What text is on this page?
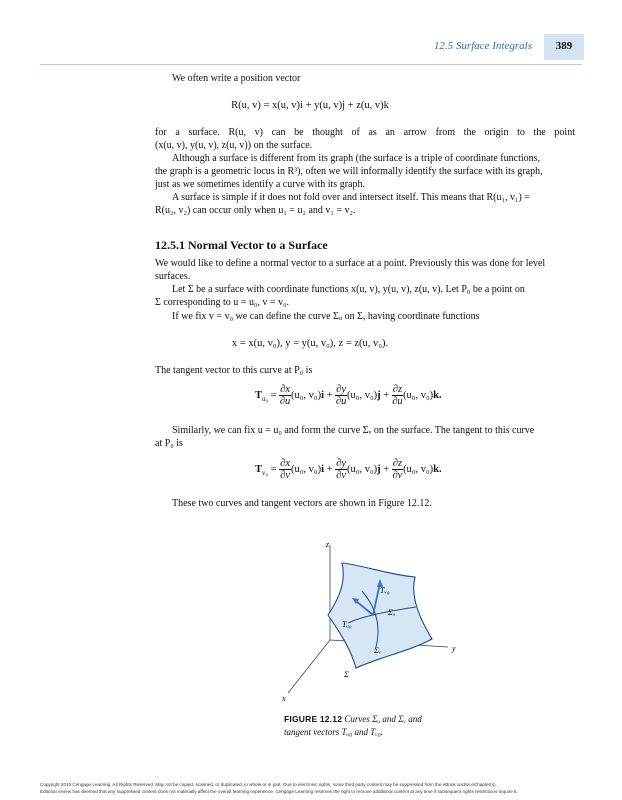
12.5 Surface Integrals	389
We often write a position vector
R(u, v) = x(u, v)i + y(u, v)j + z(u, v)k
for a surface. R(u, v) can be thought of as an arrow from the origin to the point
(x(u, v), y(u, v), z(u, v)) on the surface.
Although a surface is different from its graph (the surface is a triple of coordinate functions,
the graph is a geometric locus in R³), often we will informally identify the surface with its graph,
just as we sometimes identify a curve with its graph.
A surface is simple if it does not fold over and intersect itself. This means that R(u₁, v₁) =
R(u₂, v₂) can occur only when u₁ = u₂ and v₁ = v₂.
12.5.1 Normal Vector to a Surface
We would like to define a normal vector to a surface at a point. Previously this was done for level
surfaces.
Let Σ be a surface with coordinate functions x(u, v), y(u, v), z(u, v). Let P₀ be a point on
Σ corresponding to u = u₀, v = v₀.
If we fix v = v₀ we can define the curve Σᵤ on Σ, having coordinate functions
x = x(u, v₀), y = y(u, v₀), z = z(u, v₀).
The tangent vector to this curve at P₀ is
$T_{u_0} = \frac{\partial x}{\partial u} (u_0$, $v_0)i + \frac{\partial y}{\partial u} (u_0$, $v_0)j + \frac{\partial z}{\partial u} (u_0$, v₀)k.
Similarly, we can fix u = u₀ and form the curve Σᵥ on the surface. The tangent to this curve
at P₀ is
$T_{v_0} = \frac{\partial x}{\partial v} (u_0$, $v_0)i + \frac{\partial y}{\partial v} (u_0$, $v_0)j + \frac{\partial z}{\partial v} (u_0$, v₀)k.
These two curves and tangent vectors are shown in Figure 12.12.
z
y
x
Tᵥ₀
Tᵤ₀
Σᵤ
Σᵥ
Σ
FIGURE 12.12 Curves Σᵤ and Σᵥ and
tangent vectors Tᵤ₀ and Tᵥ₀.
Copyright 2010 Cengage Learning. All Rights Reserved. May not be copied, scanned, or duplicated, in whole or in part. Due to electronic rights, some third party content may be suppressed from the eBook and/or eChapter(s).
Editorial review has deemed that any suppressed content does not materially affect the overall learning experience. Cengage Learning reserves the right to remove additional content at any time if subsequent rights restrictions require it.
